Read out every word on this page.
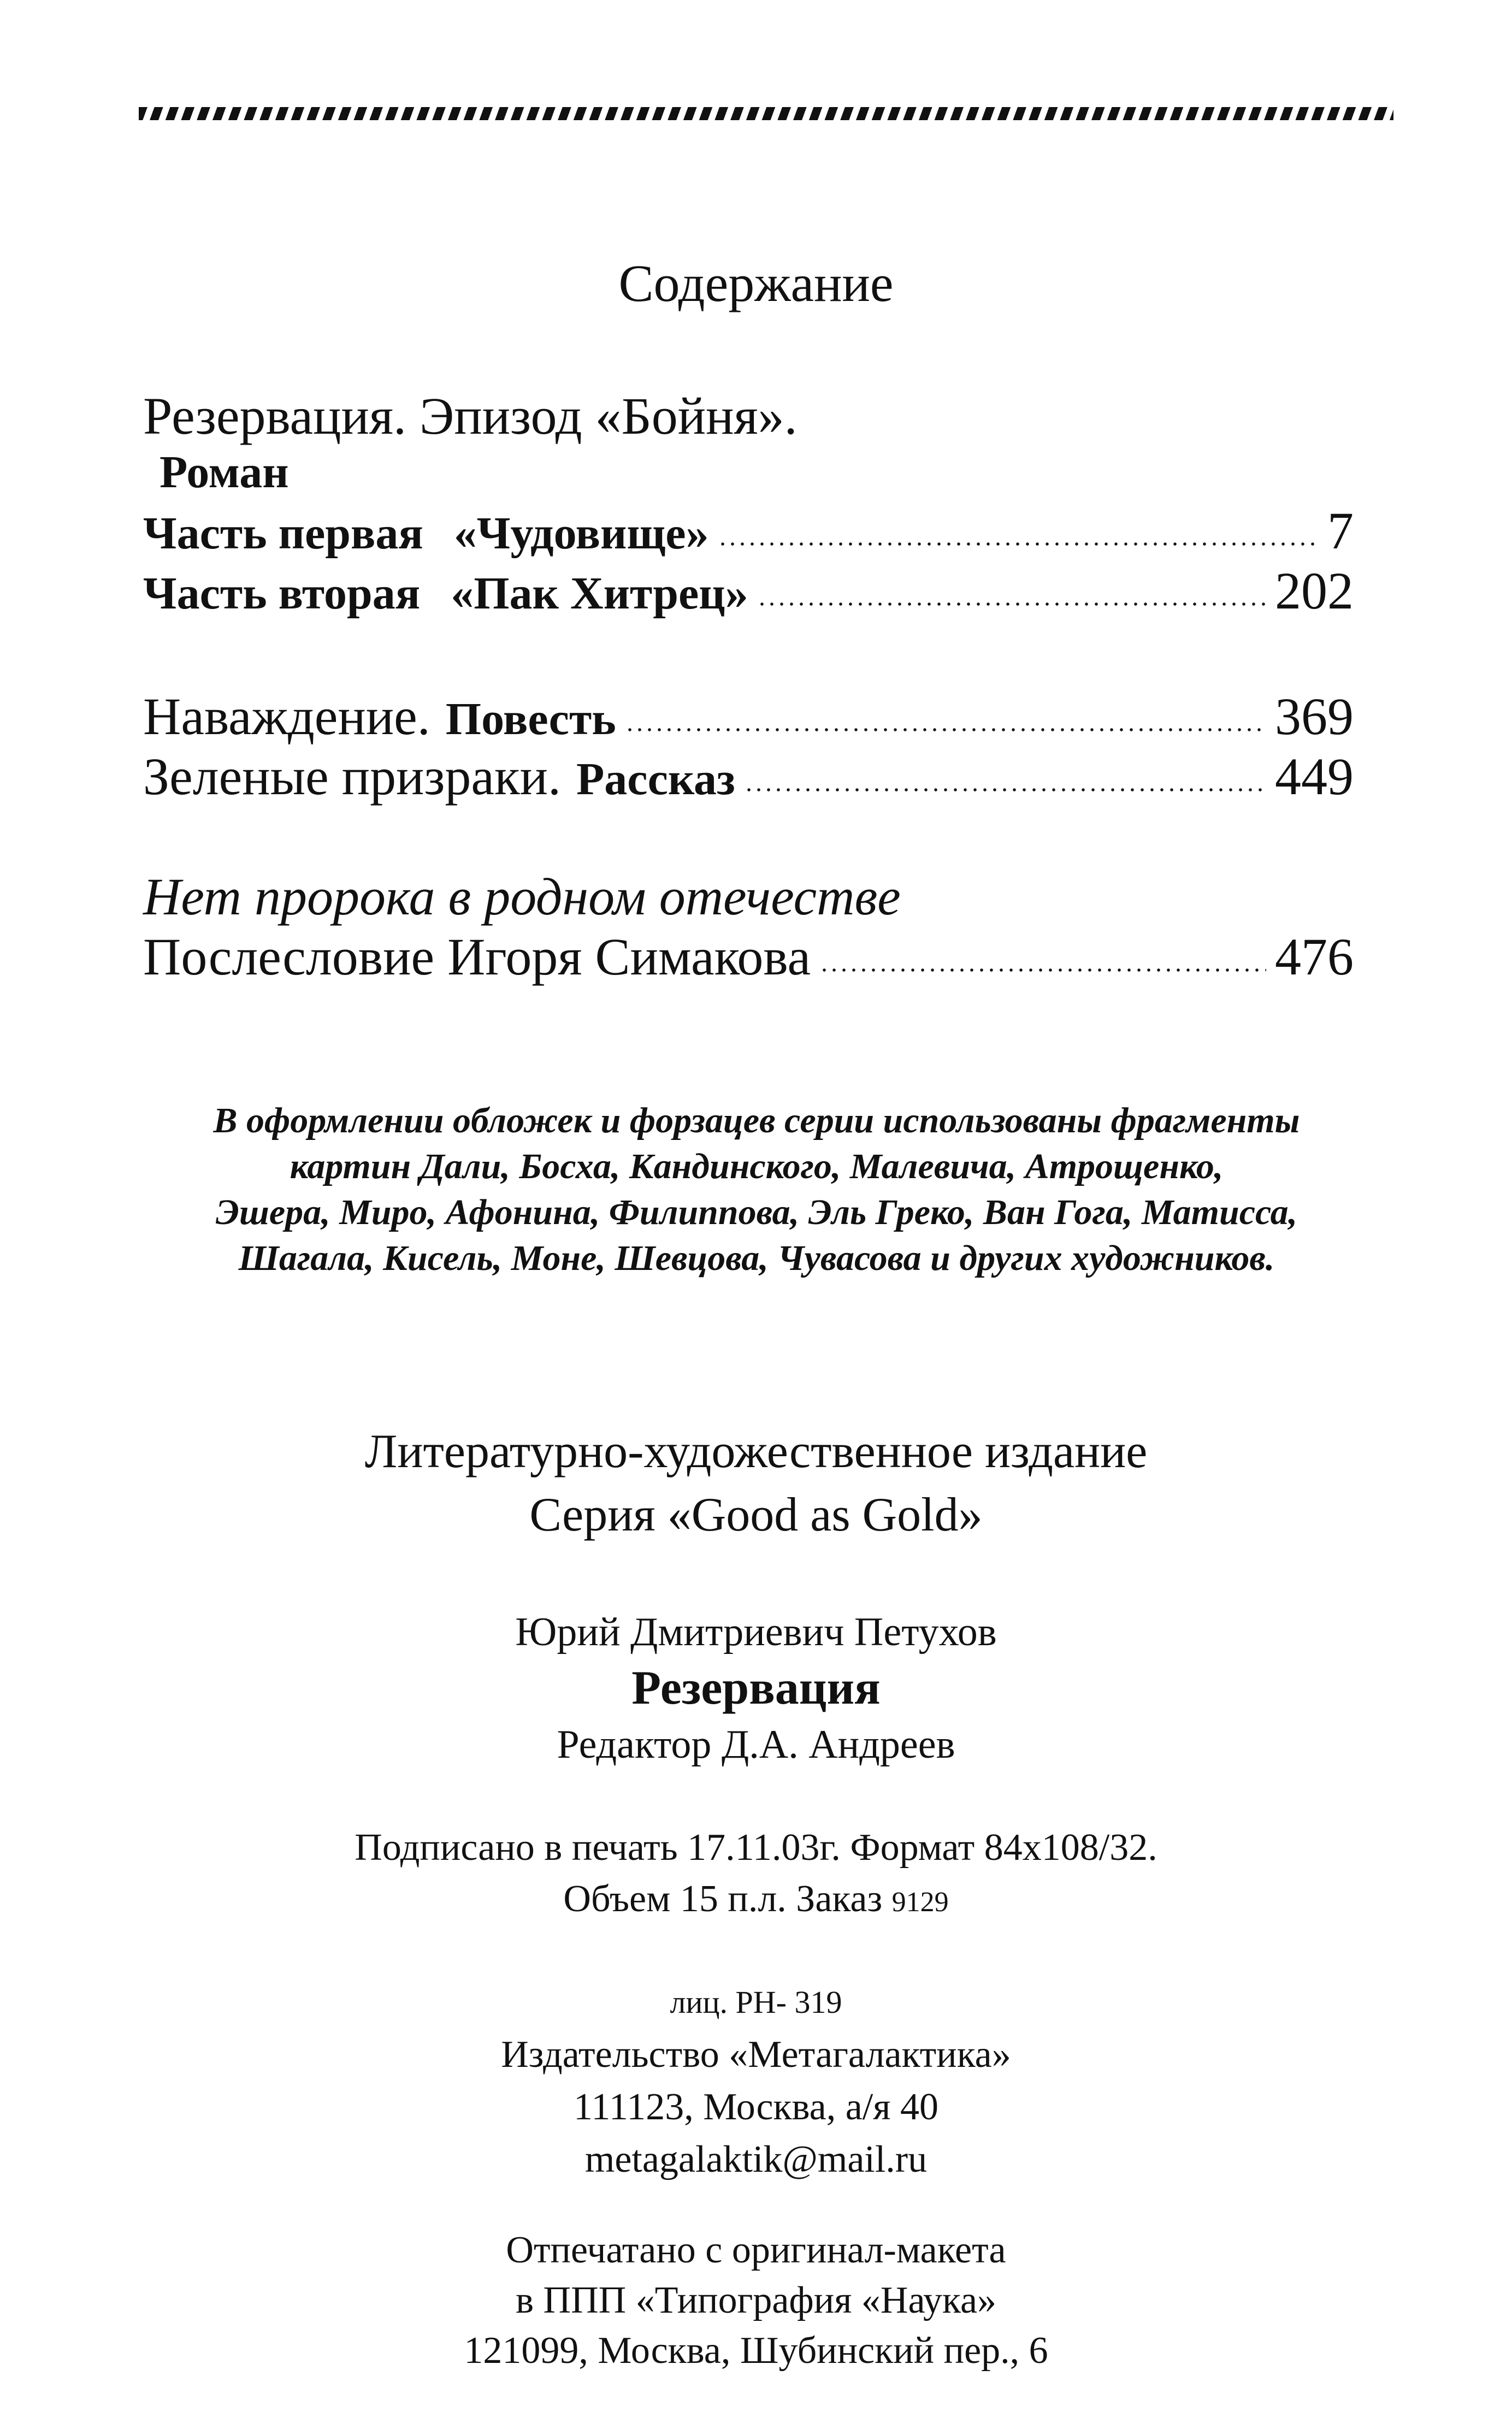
Содержание
Резервация. Эпизод «Бойня».
Роман
Часть первая «Чудовище»	7
Часть вторая «Пак Хитрец»	202
Наваждение. Повесть	369
Зеленые призраки. Рассказ	449
Нет пророка в родном отечестве
Послесловие Игоря Симакова	476
В оформлении обложек и форзацев серии использованы фрагменты
картин Дали, Босха, Кандинского, Малевича, Атрощенко,
Эшера, Миро, Афонина, Филиппова, Эль Греко, Ван Гога, Матисса,
Шагала, Кисель, Моне, Шевцова, Чувасова и других художников.
Литературно-художественное издание
Серия «Good as Gold»
Юрий Дмитриевич Петухов
Резервация
Редактор Д.А. Андреев
Подписано в печать 17.11.03г. Формат 84х108/32.
Объем 15 п.л. Заказ 9129
лиц. РН- 319
Издательство «Метагалактика»
111123, Москва, а/я 40
metagalaktik@mail.ru
Отпечатано с оригинал-макета
в ППП «Типография «Наука»
121099, Москва, Шубинский пер., 6
